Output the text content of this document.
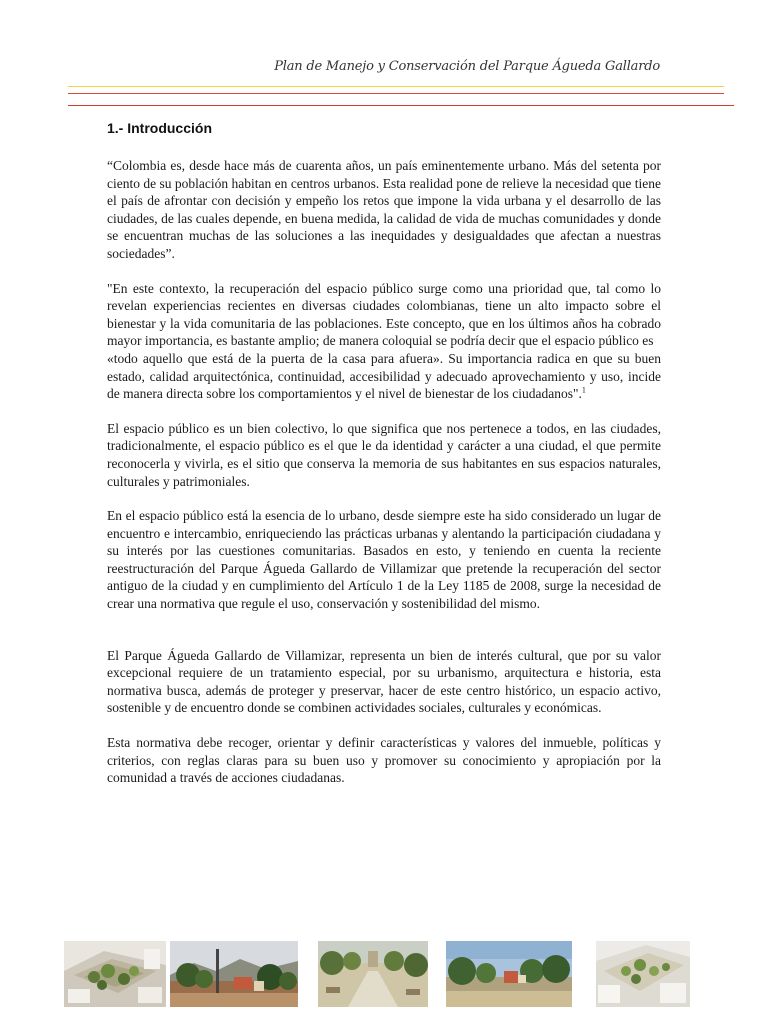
Plan de Manejo y Conservación del Parque Águeda Gallardo
1.- Introducción

“Colombia es, desde hace más de cuarenta años, un país eminentemente urbano. Más del setenta por ciento de su población habitan en centros urbanos. Esta realidad pone de relieve la necesidad que tiene el país de afrontar con decisión y empeño los retos que impone la vida urbana y el desarrollo de las ciudades, de las cuales depende, en buena medida, la calidad de vida de muchas comunidades y donde se encuentran muchas de las soluciones a las inequidades y desigualdades que afectan a nuestras sociedades”.

"En este contexto, la recuperación del espacio público surge como una prioridad que, tal como lo revelan experiencias recientes en diversas ciudades colombianas, tiene un alto impacto sobre el bienestar y la vida comunitaria de las poblaciones. Este concepto, que en los últimos años ha cobrado mayor importancia, es bastante amplio; de manera coloquial se podría decir que el espacio público es
«todo aquello que está de la puerta de la casa para afuera». Su importancia radica en que su buen estado, calidad arquitectónica, continuidad, accesibilidad y adecuado aprovechamiento y uso, incide de manera directa sobre los comportamientos y el nivel de bienestar de los ciudadanos".$^1$

El espacio público es un bien colectivo, lo que significa que nos pertenece a todos, en las ciudades, tradicionalmente, el espacio público es el que le da identidad y carácter a una ciudad, el que permite reconocerla y vivirla, es el sitio que conserva la memoria de sus habitantes en sus espacios naturales, culturales y patrimoniales.

En el espacio público está la esencia de lo urbano, desde siempre este ha sido considerado un lugar de encuentro e intercambio, enriqueciendo las prácticas urbanas y alentando la participación ciudadana y su interés por las cuestiones comunitarias. Basados en esto, y teniendo en cuenta la reciente reestructuración del Parque Águeda Gallardo de Villamizar que pretende la recuperación del sector antiguo de la ciudad y en cumplimiento del Artículo 1 de la Ley 1185 de 2008, surge la necesidad de crear una normativa que regule el uso, conservación y sostenibilidad del mismo.

El Parque Águeda Gallardo de Villamizar, representa un bien de interés cultural, que por su valor excepcional requiere de un tratamiento especial, por su urbanismo, arquitectura e historia, esta normativa busca, además de proteger y preservar, hacer de este centro histórico, un espacio activo, sostenible y de encuentro donde se combinen actividades sociales, culturales y económicas.

Esta normativa debe recoger, orientar y definir características y valores del inmueble, políticas y criterios, con reglas claras para su buen uso y promover su conocimiento y apropiación por la comunidad a través de acciones ciudadanas.
